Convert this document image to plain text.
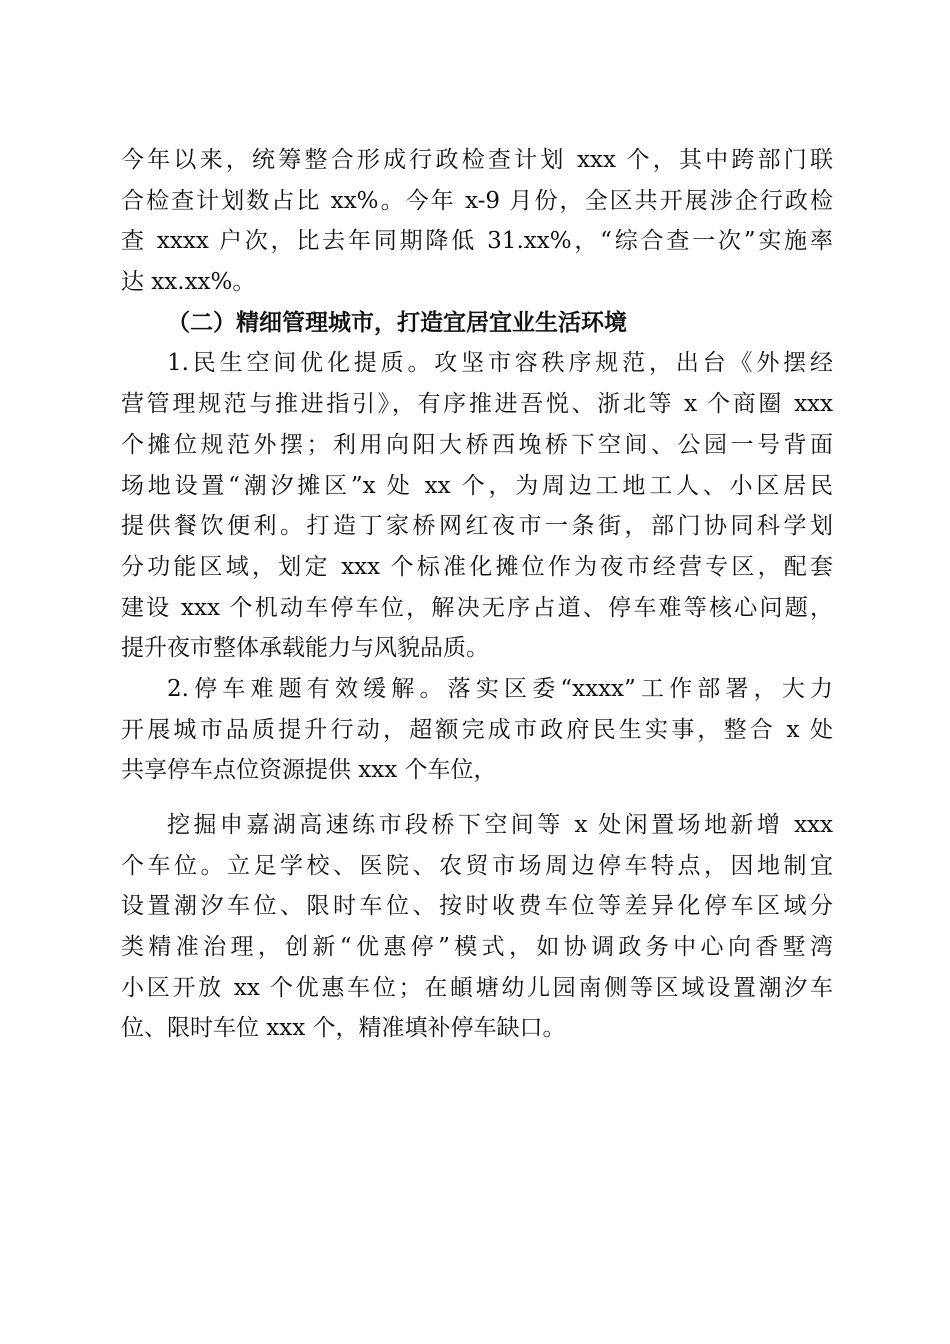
今年以来，统筹整合形成行政检查计划 xxx 个，其中跨部门联
合检查计划数占比 xx%。今年 x-9 月份，全区共开展涉企行政检
查 xxxx 户次，比去年同期降低 31.xx%，“综合查一次”实施率
达 xx.xx%。
（二）精细管理城市，打造宜居宜业生活环境
1.民生空间优化提质。攻坚市容秩序规范，出台《外摆经
营管理规范与推进指引》，有序推进吾悦、浙北等 x 个商圈 xxx
个摊位规范外摆；利用向阳大桥西堍桥下空间、公园一号背面
场地设置“潮汐摊区”x 处 xx 个，为周边工地工人、小区居民
提供餐饮便利。打造丁家桥网红夜市一条街，部门协同科学划
分功能区域，划定 xxx 个标准化摊位作为夜市经营专区，配套
建设 xxx 个机动车停车位，解决无序占道、停车难等核心问题，
提升夜市整体承载能力与风貌品质。
2.停车难题有效缓解。落实区委“xxxx”工作部署，大力
开展城市品质提升行动，超额完成市政府民生实事，整合 x 处
共享停车点位资源提供 xxx 个车位，
挖掘申嘉湖高速练市段桥下空间等 x 处闲置场地新增 xxx
个车位。立足学校、医院、农贸市场周边停车特点，因地制宜
设置潮汐车位、限时车位、按时收费车位等差异化停车区域分
类精准治理，创新“优惠停”模式，如协调政务中心向香墅湾
小区开放 xx 个优惠车位；在頔塘幼儿园南侧等区域设置潮汐车
位、限时车位 xxx 个，精准填补停车缺口。
